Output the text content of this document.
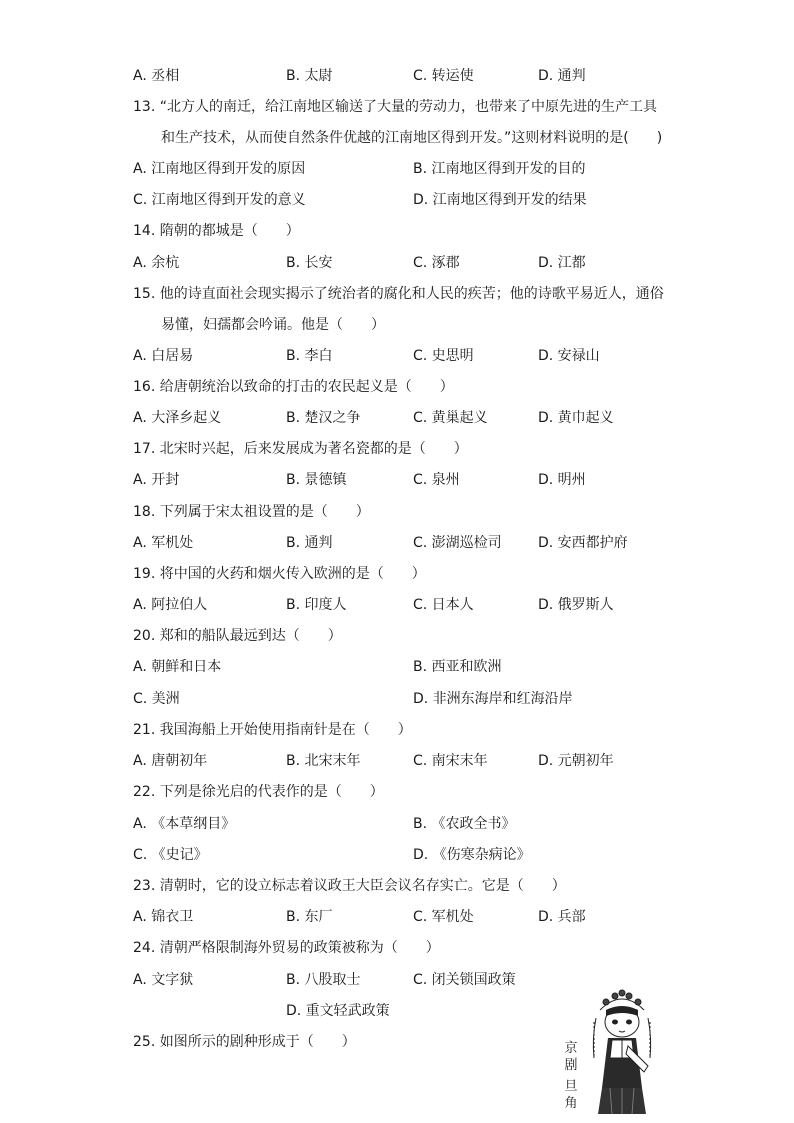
A. 丞相	B. 太尉	C. 转运使	D. 通判
13. “北方人的南迁，给江南地区输送了大量的劳动力，也带来了中原先进的生产工具
和生产技术，从而使自然条件优越的江南地区得到开发。”这则材料说明的是(　　)
A. 江南地区得到开发的原因	B. 江南地区得到开发的目的
C. 江南地区得到开发的意义	D. 江南地区得到开发的结果
14. 隋朝的都城是（　　）
A. 余杭	B. 长安	C. 涿郡	D. 江都
15. 他的诗直面社会现实揭示了统治者的腐化和人民的疾苦；他的诗歌平易近人，通俗
易懂，妇孺都会吟诵。他是（　　）
A. 白居易	B. 李白	C. 史思明	D. 安禄山
16. 给唐朝统治以致命的打击的农民起义是（　　）
A. 大泽乡起义	B. 楚汉之争	C. 黄巢起义	D. 黄巾起义
17. 北宋时兴起，后来发展成为著名瓷都的是（　　）
A. 开封	B. 景德镇	C. 泉州	D. 明州
18. 下列属于宋太祖设置的是（　　）
A. 军机处	B. 通判	C. 澎湖巡检司	D. 安西都护府
19. 将中国的火药和烟火传入欧洲的是（　　）
A. 阿拉伯人	B. 印度人	C. 日本人	D. 俄罗斯人
20. 郑和的船队最远到达（　　）
A. 朝鲜和日本	B. 西亚和欧洲
C. 美洲	D. 非洲东海岸和红海沿岸
21. 我国海船上开始使用指南针是在（　　）
A. 唐朝初年	B. 北宋末年	C. 南宋末年	D. 元朝初年
22. 下列是徐光启的代表作的是（　　）
A. 《本草纲目》	B. 《农政全书》
C. 《史记》	D. 《伤寒杂病论》
23. 清朝时，它的设立标志着议政王大臣会议名存实亡。它是（　　）
A. 锦衣卫	B. 东厂	C. 军机处	D. 兵部
24. 清朝严格限制海外贸易的政策被称为（　　）
A. 文字狱	B. 八股取士	C. 闭关锁国政策
D. 重文轻武政策
25. 如图所示的剧种形成于（　　）	京
剧
旦
角
